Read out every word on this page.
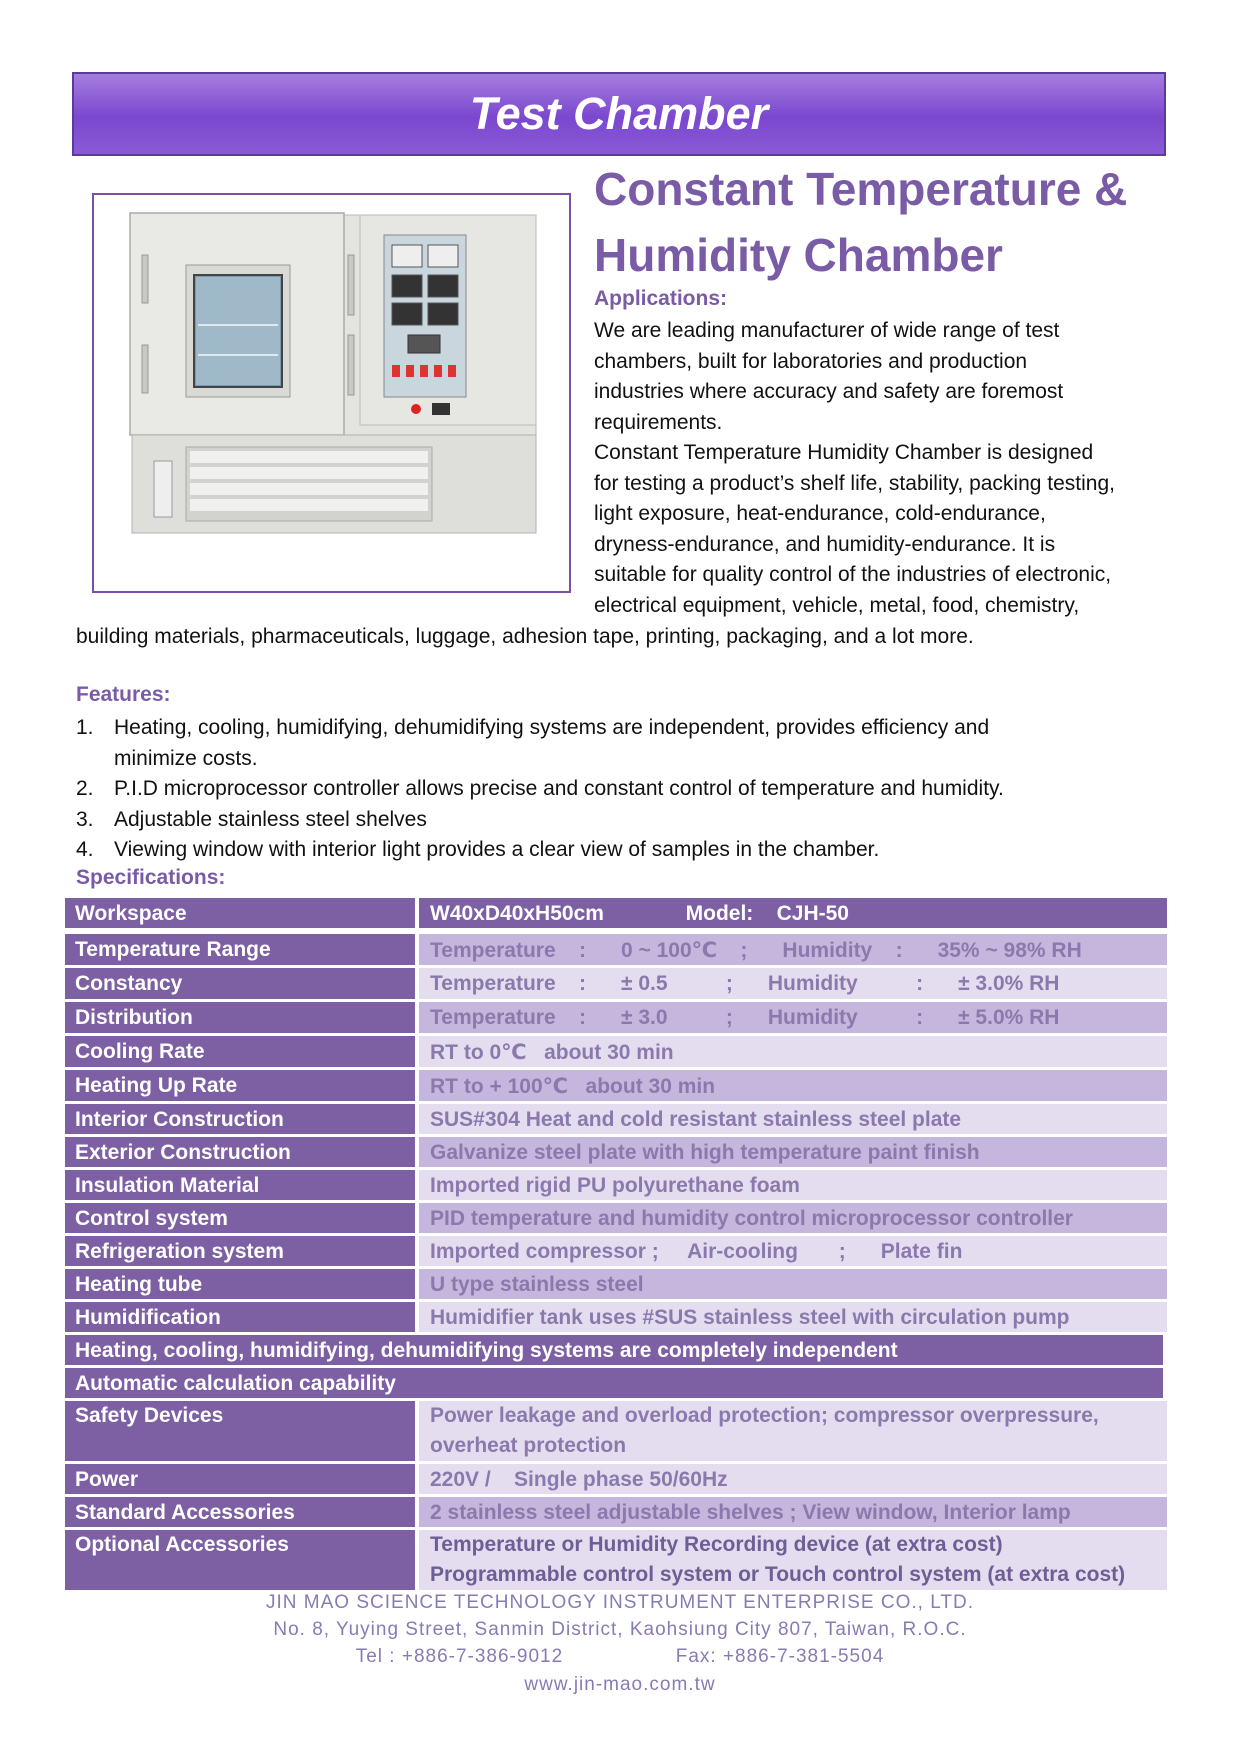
Test Chamber
Constant Temperature &
Humidity Chamber
Applications:
We are leading manufacturer of wide range of test
chambers, built for laboratories and production
industries where accuracy and safety are foremost
requirements.
Constant Temperature Humidity Chamber is designed
for testing a product’s shelf life, stability, packing testing,
light exposure, heat-endurance, cold-endurance,
dryness-endurance, and humidity-endurance. It is
suitable for quality control of the industries of electronic,
electrical equipment, vehicle, metal, food, chemistry,
building materials, pharmaceuticals, luggage, adhesion tape, printing, packaging, and a lot more.
Features:
1. Heating, cooling, humidifying, dehumidifying systems are independent, provides efficiency and
minimize costs.
2. P.I.D microprocessor controller allows precise and constant control of temperature and humidity.
3. Adjustable stainless steel shelves
4. Viewing window with interior light provides a clear view of samples in the chamber.
Specifications:
Workspace	W40xD40xH50cm              Model:    CJH-50
Temperature Range	Temperature    :      0 ~ 100℃    ;      Humidity    :      35% ~ 98% RH
Constancy	Temperature    :      ± 0.5          ;      Humidity          :      ± 3.0% RH
Distribution	Temperature    :      ± 3.0          ;      Humidity          :      ± 5.0% RH
Cooling Rate	RT to 0℃   about 30 min
Heating Up Rate	RT to + 100℃   about 30 min
Interior Construction	SUS#304 Heat and cold resistant stainless steel plate
Exterior Construction	Galvanize steel plate with high temperature paint finish
Insulation Material	Imported rigid PU polyurethane foam
Control system	PID temperature and humidity control microprocessor controller
Refrigeration system	Imported compressor ;     Air-cooling       ;      Plate fin
Heating tube	U type stainless steel
Humidification	Humidifier tank uses #SUS stainless steel with circulation pump
Heating, cooling, humidifying, dehumidifying systems are completely independent
Automatic calculation capability
Safety Devices	Power leakage and overload protection; compressor overpressure,
overheat protection
Power	220V /    Single phase 50/60Hz
Standard Accessories	2 stainless steel adjustable shelves ; View window, Interior lamp
Optional Accessories	Temperature or Humidity Recording device (at extra cost)
Programmable control system or Touch control system (at extra cost)
JIN MAO SCIENCE TECHNOLOGY INSTRUMENT ENTERPRISE CO., LTD.
No. 8, Yuying Street, Sanmin District, Kaohsiung City 807, Taiwan, R.O.C.
Tel : +886-7-386-9012	Fax: +886-7-381-5504
www.jin-mao.com.tw
